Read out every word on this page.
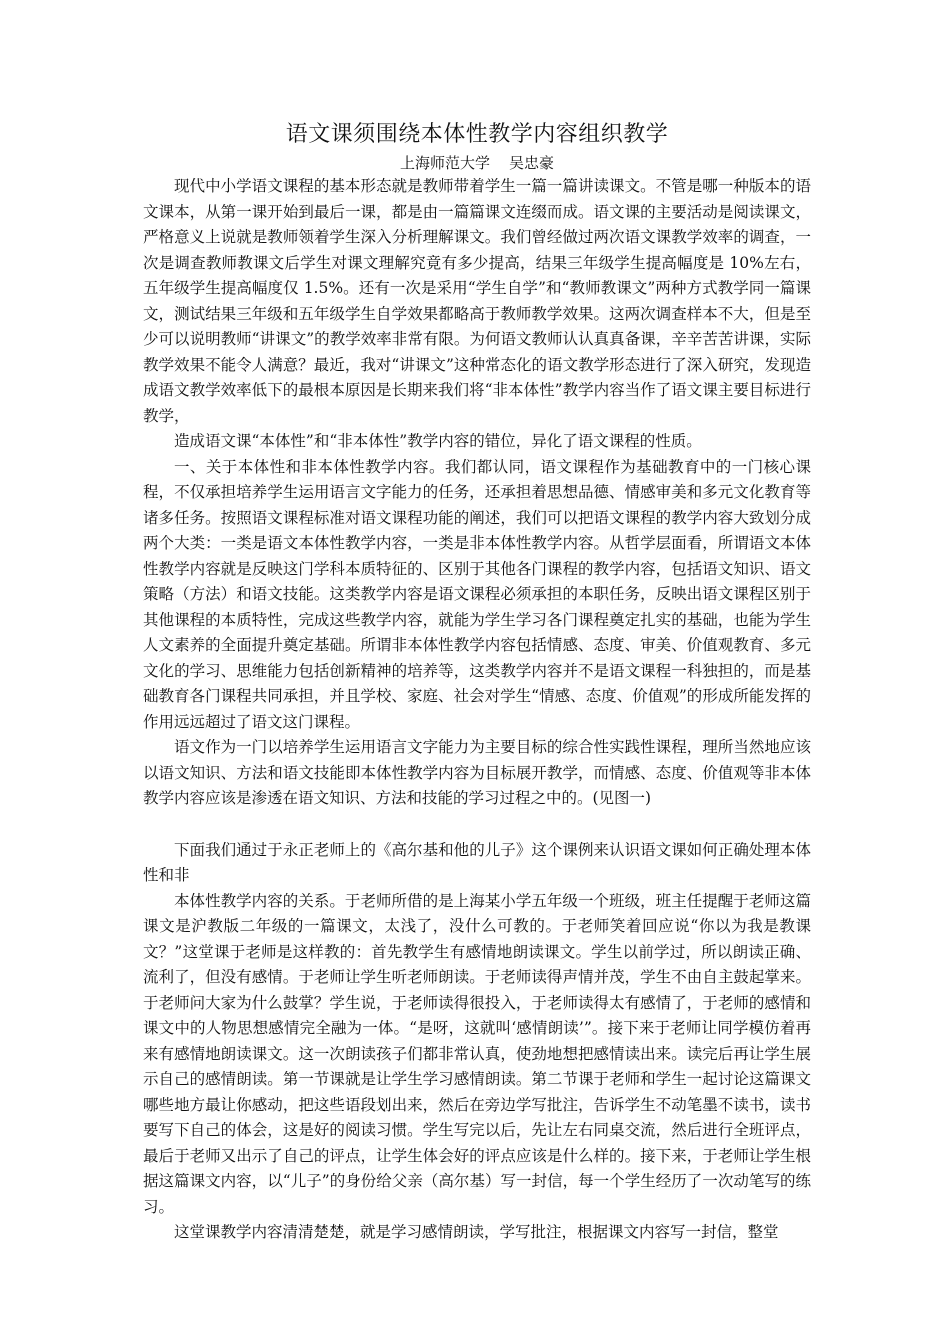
语文课须围绕本体性教学内容组织教学

上海师范大学    吴忠豪

现代中小学语文课程的基本形态就是教师带着学生一篇一篇讲读课文。不管是哪一种版本的语文课本，从第一课开始到最后一课，都是由一篇篇课文连缀而成。语文课的主要活动是阅读课文，严格意义上说就是教师领着学生深入分析理解课文。我们曾经做过两次语文课教学效率的调查，一次是调查教师教课文后学生对课文理解究竟有多少提高，结果三年级学生提高幅度是 10%左右，五年级学生提高幅度仅 1.5%。还有一次是采用“学生自学”和“教师教课文”两种方式教学同一篇课文，测试结果三年级和五年级学生自学效果都略高于教师教学效果。这两次调查样本不大，但是至少可以说明教师“讲课文”的教学效率非常有限。为何语文教师认认真真备课，辛辛苦苦讲课，实际教学效果不能令人满意？最近，我对“讲课文”这种常态化的语文教学形态进行了深入研究，发现造成语文教学效率低下的最根本原因是长期来我们将“非本体性”教学内容当作了语文课主要目标进行教学，

造成语文课“本体性”和“非本体性”教学内容的错位，异化了语文课程的性质。

一、关于本体性和非本体性教学内容。我们都认同，语文课程作为基础教育中的一门核心课程，不仅承担培养学生运用语言文字能力的任务，还承担着思想品德、情感审美和多元文化教育等诸多任务。按照语文课程标准对语文课程功能的阐述，我们可以把语文课程的教学内容大致划分成两个大类：一类是语文本体性教学内容，一类是非本体性教学内容。从哲学层面看，所谓语文本体性教学内容就是反映这门学科本质特征的、区别于其他各门课程的教学内容，包括语文知识、语文策略（方法）和语文技能。这类教学内容是语文课程必须承担的本职任务，反映出语文课程区别于其他课程的本质特性，完成这些教学内容，就能为学生学习各门课程奠定扎实的基础，也能为学生人文素养的全面提升奠定基础。所谓非本体性教学内容包括情感、态度、审美、价值观教育、多元文化的学习、思维能力包括创新精神的培养等，这类教学内容并不是语文课程一科独担的，而是基础教育各门课程共同承担，并且学校、家庭、社会对学生“情感、态度、价值观”的形成所能发挥的作用远远超过了语文这门课程。

语文作为一门以培养学生运用语言文字能力为主要目标的综合性实践性课程，理所当然地应该以语文知识、方法和语文技能即本体性教学内容为目标展开教学，而情感、态度、价值观等非本体教学内容应该是渗透在语文知识、方法和技能的学习过程之中的。(见图一)

下面我们通过于永正老师上的《高尔基和他的儿子》这个课例来认识语文课如何正确处理本体性和非

本体性教学内容的关系。于老师所借的是上海某小学五年级一个班级，班主任提醒于老师这篇课文是沪教版二年级的一篇课文，太浅了，没什么可教的。于老师笑着回应说“你以为我是教课文？”这堂课于老师是这样教的：首先教学生有感情地朗读课文。学生以前学过，所以朗读正确、流利了，但没有感情。于老师让学生听老师朗读。于老师读得声情并茂，学生不由自主鼓起掌来。于老师问大家为什么鼓掌？学生说，于老师读得很投入，于老师读得太有感情了，于老师的感情和课文中的人物思想感情完全融为一体。“是呀，这就叫‘感情朗读’”。接下来于老师让同学模仿着再来有感情地朗读课文。这一次朗读孩子们都非常认真，使劲地想把感情读出来。读完后再让学生展示自己的感情朗读。第一节课就是让学生学习感情朗读。第二节课于老师和学生一起讨论这篇课文哪些地方最让你感动，把这些语段划出来，然后在旁边学写批注，告诉学生不动笔墨不读书，读书要写下自己的体会，这是好的阅读习惯。学生写完以后，先让左右同桌交流，然后进行全班评点，最后于老师又出示了自己的评点，让学生体会好的评点应该是什么样的。接下来，于老师让学生根据这篇课文内容，以“儿子”的身份给父亲（高尔基）写一封信，每一个学生经历了一次动笔写的练习。

这堂课教学内容清清楚楚，就是学习感情朗读，学写批注，根据课文内容写一封信，整堂
